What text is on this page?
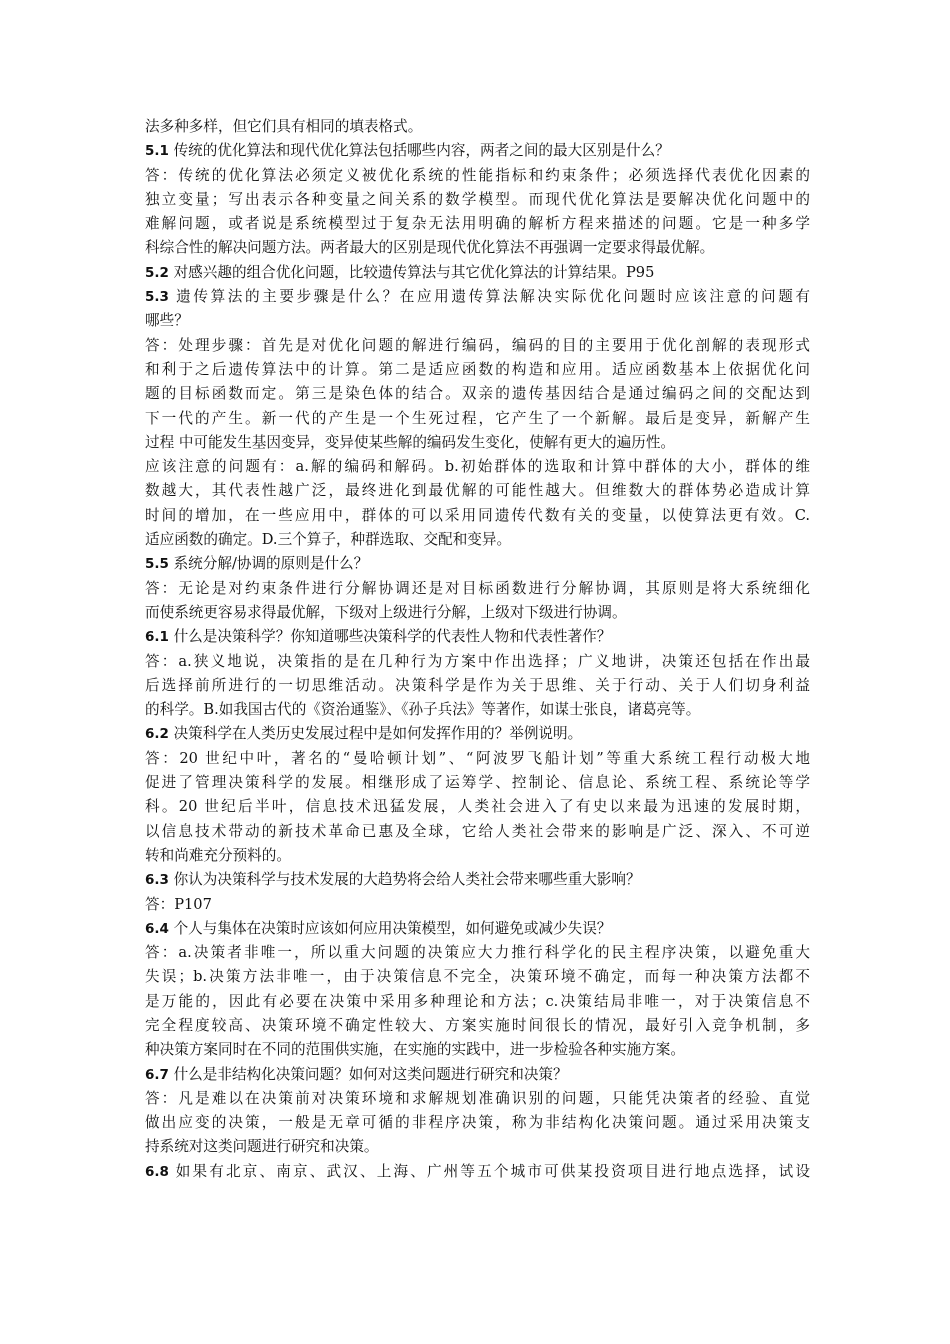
法多种多样，但它们具有相同的填表格式。
5.1 传统的优化算法和现代优化算法包括哪些内容，两者之间的最大区别是什么？
答：传统的优化算法必须定义被优化系统的性能指标和约束条件；必须选择代表优化因素的
独立变量；写出表示各种变量之间关系的数学模型。而现代优化算法是要解决优化问题中的
难解问题，或者说是系统模型过于复杂无法用明确的解析方程来描述的问题。它是一种多学
科综合性的解决问题方法。两者最大的区别是现代优化算法不再强调一定要求得最优解。
5.2 对感兴趣的组合优化问题，比较遗传算法与其它优化算法的计算结果。P95
5.3 遗传算法的主要步骤是什么？在应用遗传算法解决实际优化问题时应该注意的问题有
哪些？
答：处理步骤：首先是对优化问题的解进行编码，编码的目的主要用于优化剖解的表现形式
和利于之后遗传算法中的计算。第二是适应函数的构造和应用。适应函数基本上依据优化问
题的目标函数而定。第三是染色体的结合。双亲的遗传基因结合是通过编码之间的交配达到
下一代的产生。新一代的产生是一个生死过程，它产生了一个新解。最后是变异，新解产生
过程 中可能发生基因变异，变异使某些解的编码发生变化，使解有更大的遍历性。
应该注意的问题有：a.解的编码和解码。b.初始群体的选取和计算中群体的大小，群体的维
数越大，其代表性越广泛，最终进化到最优解的可能性越大。但维数大的群体势必造成计算
时间的增加，在一些应用中，群体的可以采用同遗传代数有关的变量，以使算法更有效。C.
适应函数的确定。D.三个算子，种群选取、交配和变异。
5.5 系统分解/协调的原则是什么？
答：无论是对约束条件进行分解协调还是对目标函数进行分解协调，其原则是将大系统细化
而使系统更容易求得最优解，下级对上级进行分解，上级对下级进行协调。
6.1 什么是决策科学？你知道哪些决策科学的代表性人物和代表性著作？
答：a.狭义地说，决策指的是在几种行为方案中作出选择；广义地讲，决策还包括在作出最
后选择前所进行的一切思维活动。决策科学是作为关于思维、关于行动、关于人们切身利益
的科学。B.如我国古代的《资治通鉴》、《孙子兵法》等著作，如谋士张良，诸葛亮等。
6.2 决策科学在人类历史发展过程中是如何发挥作用的？举例说明。
答：20 世纪中叶，著名的“曼哈顿计划”、“阿波罗飞船计划”等重大系统工程行动极大地
促进了管理决策科学的发展。相继形成了运筹学、控制论、信息论、系统工程、系统论等学
科。20 世纪后半叶，信息技术迅猛发展，人类社会进入了有史以来最为迅速的发展时期，
以信息技术带动的新技术革命已惠及全球，它给人类社会带来的影响是广泛、深入、不可逆
转和尚难充分预料的。
6.3 你认为决策科学与技术发展的大趋势将会给人类社会带来哪些重大影响？
答：P107
6.4 个人与集体在决策时应该如何应用决策模型，如何避免或减少失误？
答：a.决策者非唯一，所以重大问题的决策应大力推行科学化的民主程序决策，以避免重大
失误；b.决策方法非唯一，由于决策信息不完全，决策环境不确定，而每一种决策方法都不
是万能的，因此有必要在决策中采用多种理论和方法；c.决策结局非唯一，对于决策信息不
完全程度较高、决策环境不确定性较大、方案实施时间很长的情况，最好引入竞争机制，多
种决策方案同时在不同的范围供实施，在实施的实践中，进一步检验各种实施方案。
6.7 什么是非结构化决策问题？如何对这类问题进行研究和决策？
答：凡是难以在决策前对决策环境和求解规划准确识别的问题，只能凭决策者的经验、直觉
做出应变的决策，一般是无章可循的非程序决策，称为非结构化决策问题。通过采用决策支
持系统对这类问题进行研究和决策。
6.8 如果有北京、南京、武汉、上海、广州等五个城市可供某投资项目进行地点选择，试设
